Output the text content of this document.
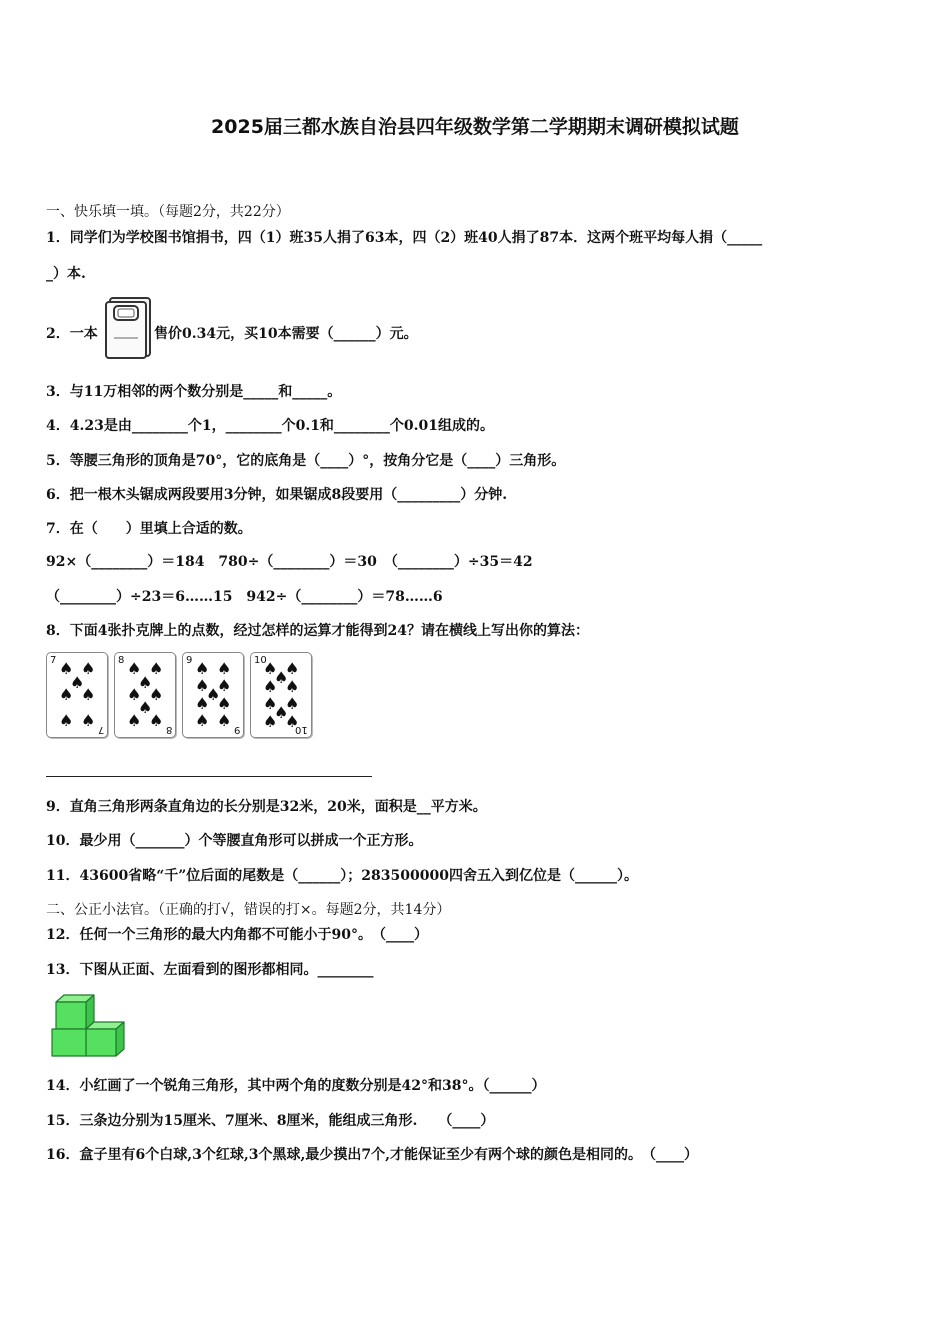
2025届三都水族自治县四年级数学第二学期期末调研模拟试题
一、快乐填一填。（每题2分，共22分）
1．同学们为学校图书馆捐书，四（1）班35人捐了63本，四（2）班40人捐了87本．这两个班平均每人捐（_____
_）本.
2．一本	售价0.34元，买10本需要（______）元。
3．与11万相邻的两个数分别是_____和_____。
4．4.23是由________个1，________个0.1和________个0.01组成的。
5．等腰三角形的顶角是70°，它的底角是（____）°，按角分它是（____）三角形。
6．把一根木头锯成两段要用3分钟，如果锯成8段要用（_________）分钟.
7．在（　　）里填上合适的数。
92×（________）＝184　780÷（________）＝30　（________）÷35＝42
（________）÷23＝6……15　942÷（________）＝78……6
8．下面4张扑克牌上的点数，经过怎样的运算才能得到24？请在横线上写出你的算法：
7 ♠ ♠
♠
♠ ♠
♠ ♠ 7
8 ♠ ♠
♠
♠ ♠
♠
♠ ♠ 8
9 ♠ ♠
♠ ♠
♠
♠ ♠
♠ ♠ 9
10
♠ ♠
♠
♠ ♠
♠ ♠
♠
♠ ♠
10
9．直角三角形两条直角边的长分别是32米，20米，面积是__平方米。
10．最少用（_______）个等腰直角形可以拼成一个正方形。
11．43600省略“千”位后面的尾数是（______）；283500000四舍五入到亿位是（______）。
二、公正小法官。（正确的打√，错误的打×。每题2分，共14分）
12．任何一个三角形的最大内角都不可能小于90°。　（____）
13．下图从正面、左面看到的图形都相同。________
14．小红画了一个锐角三角形，其中两个角的度数分别是42°和38°。（______）
15．三条边分别为15厘米、7厘米、8厘米，能组成三角形.　　（____）
16．盒子里有6个白球,3个红球,3个黑球,最少摸出7个,才能保证至少有两个球的颜色是相同的。　（____）
